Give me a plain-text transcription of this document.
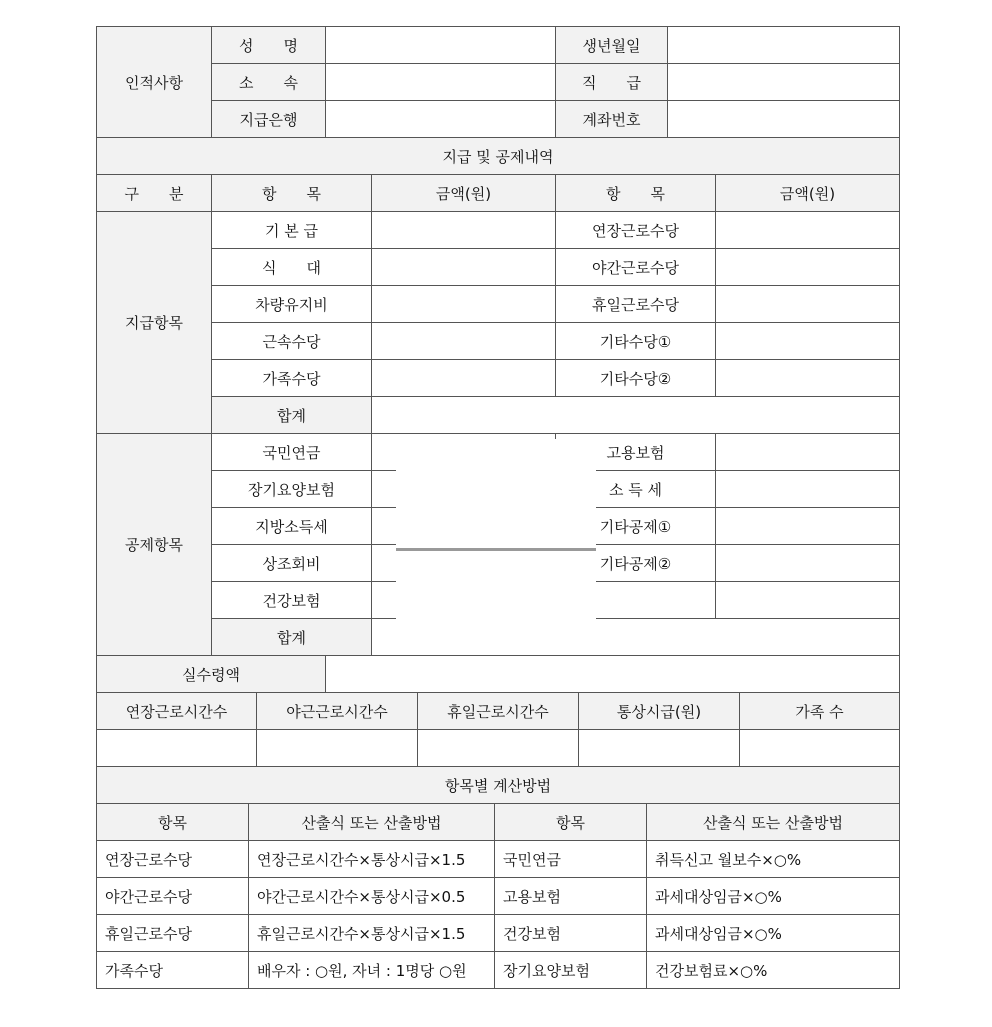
인적사항	성　　명			생년월일		
	소　　속			직　　급		
	지급은행			계좌번호		
지급 및 공제내역						
구　　분	항　　목		금액(원)	항　　목		금액(원)
지급항목	기 본 급			연장근로수당		
	식　　대			야간근로수당		
	차량유지비			휴일근로수당		
	근속수당			기타수당①		
	가족수당			기타수당②		
	합계					
공제항목	국민연금			고용보험		
	장기요양보험			소 득 세		
	지방소득세			기타공제①		
	상조회비			기타공제②		
	건강보험					
	합계					
실수령액						
연장근로시간수	야근근로시간수	휴일근로시간수	통상시급(원)	가족 수

항목별 계산방법			
항목	산출식 또는 산출방법	항목	산출식 또는 산출방법
연장근로수당	연장근로시간수×통상시급×1.5	국민연금	취득신고 월보수×○%
야간근로수당	야간근로시간수×통상시급×0.5	고용보험	과세대상임금×○%
휴일근로수당	휴일근로시간수×통상시급×1.5	건강보험	과세대상임금×○%
가족수당	배우자 : ○원, 자녀 : 1명당 ○원	장기요양보험	건강보험료×○%
